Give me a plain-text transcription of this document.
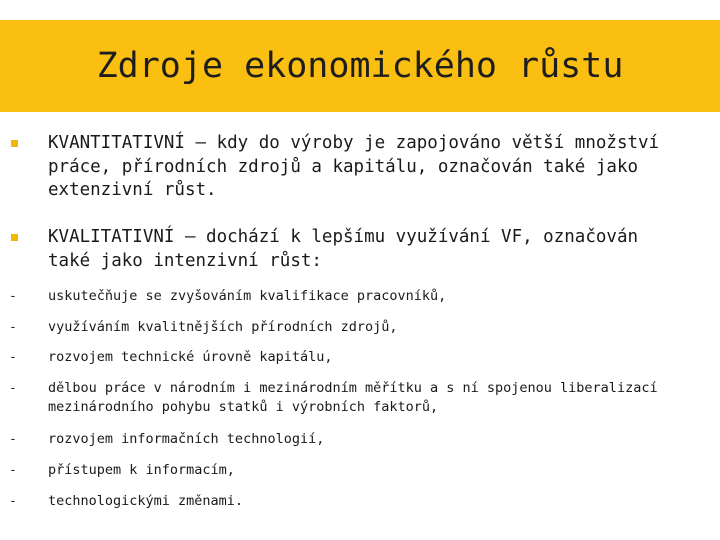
Zdroje ekonomického růstu
KVANTITATIVNÍ – kdy do výroby je zapojováno větší množství práce, přírodních zdrojů a kapitálu, označován také jako extenzivní růst.
KVALITATIVNÍ – dochází k lepšímu využívání VF, označován také jako intenzivní růst:
- uskutečňuje se zvyšováním kvalifikace pracovníků,
- využíváním kvalitnějších přírodních zdrojů,
- rozvojem technické úrovně kapitálu,
- dělbou práce v národním i mezinárodním měřítku a s ní spojenou liberalizací mezinárodního pohybu statků i výrobních faktorů,
- rozvojem informačních technologií,
- přístupem k informacím,
- technologickými změnami.
